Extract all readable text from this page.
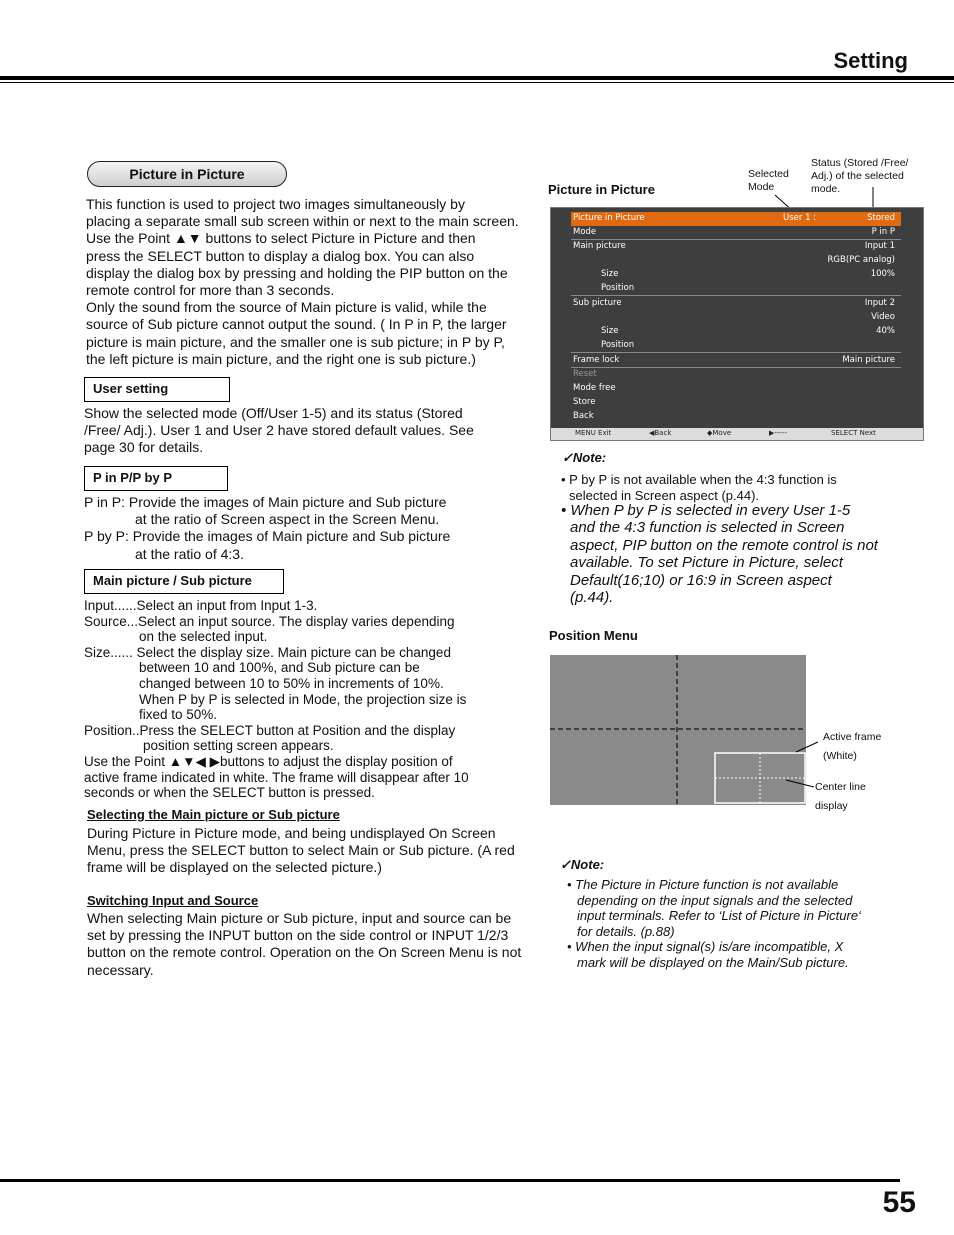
Setting
Picture in Picture
This function is used to project two images simultaneously by
placing a separate small sub screen within or next to the main screen.
Use the Point ▲▼ buttons to select Picture in Picture and then
press the SELECT button to display a dialog box. You can also
display the dialog box by pressing and holding the PIP button on the
remote control for more than 3 seconds.
Only the sound from the source of Main picture is valid, while the
source of Sub picture cannot output the sound. ( In P in P, the larger
picture is main picture, and the smaller one is sub picture; in P by P,
the left picture is main picture, and the right one is sub picture.)
User setting
Show the selected mode (Off/User 1-5) and its status (Stored
/Free/ Adj.). User 1 and User 2 have stored default values. See
page 30 for details.
P in P/P by P
P in P: Provide the images of Main picture and Sub picture
at the ratio of Screen aspect in the Screen Menu.
P by P: Provide the images of Main picture and Sub picture
at the ratio of 4:3.
Main picture / Sub picture
Input......Select an input from Input 1-3.
Source...Select an input source. The display varies depending
on the selected input.
Size...... Select the display size. Main picture can be changed
between 10 and 100%, and Sub picture can be
changed between 10 to 50% in increments of 10%.
When P by P is selected in Mode, the projection size is
fixed to 50%.
Position..Press the SELECT button at Position and the display
position setting screen appears.
Use the Point ▲▼◀ ▶buttons to adjust the display position of
active frame indicated in white. The frame will disappear after 10
seconds or when the SELECT button is pressed.
Selecting the Main picture or Sub picture
During Picture in Picture mode, and being undisplayed On Screen
Menu, press the SELECT button to select Main or Sub picture. (A red
frame will be displayed on the selected picture.)
Switching Input and Source
When selecting Main picture or Sub picture, input and source can be
set by pressing the INPUT button on the side control or INPUT 1/2/3
button on the remote control. Operation on the On Screen Menu is not
necessary.
Picture in Picture
Selected
Mode
Status (Stored /Free/
Adj.) of the selected
mode.
Picture in Picture	User 1 :	Stored
Mode	P in P
Main picture	Input 1
RGB(PC analog)
Size	100%
Position
Sub picture	Input 2
Video
Size	40%
Position
Frame lock	Main picture
Reset
Mode free
Store
Back
MENU Exit	◀Back	◆Move	▶-----	SELECT Next
✓Note:
• P by P is not available when the 4:3 function is
selected in Screen aspect (p.44).
• When P by P is selected in every User 1-5
and the 4:3 function is selected in Screen
aspect, PIP button on the remote control is not
available. To set Picture in Picture, select
Default(16;10) or 16:9 in Screen aspect
(p.44).
Position Menu
Active frame
(White)
Center line
display
✓Note:
• The Picture in Picture function is not available
depending on the input signals and the selected
input terminals. Refer to ‘List of Picture in Picture‘
for details. (p.88)
• When the input signal(s) is/are incompatible, X
mark will be displayed on the Main/Sub picture.
55
